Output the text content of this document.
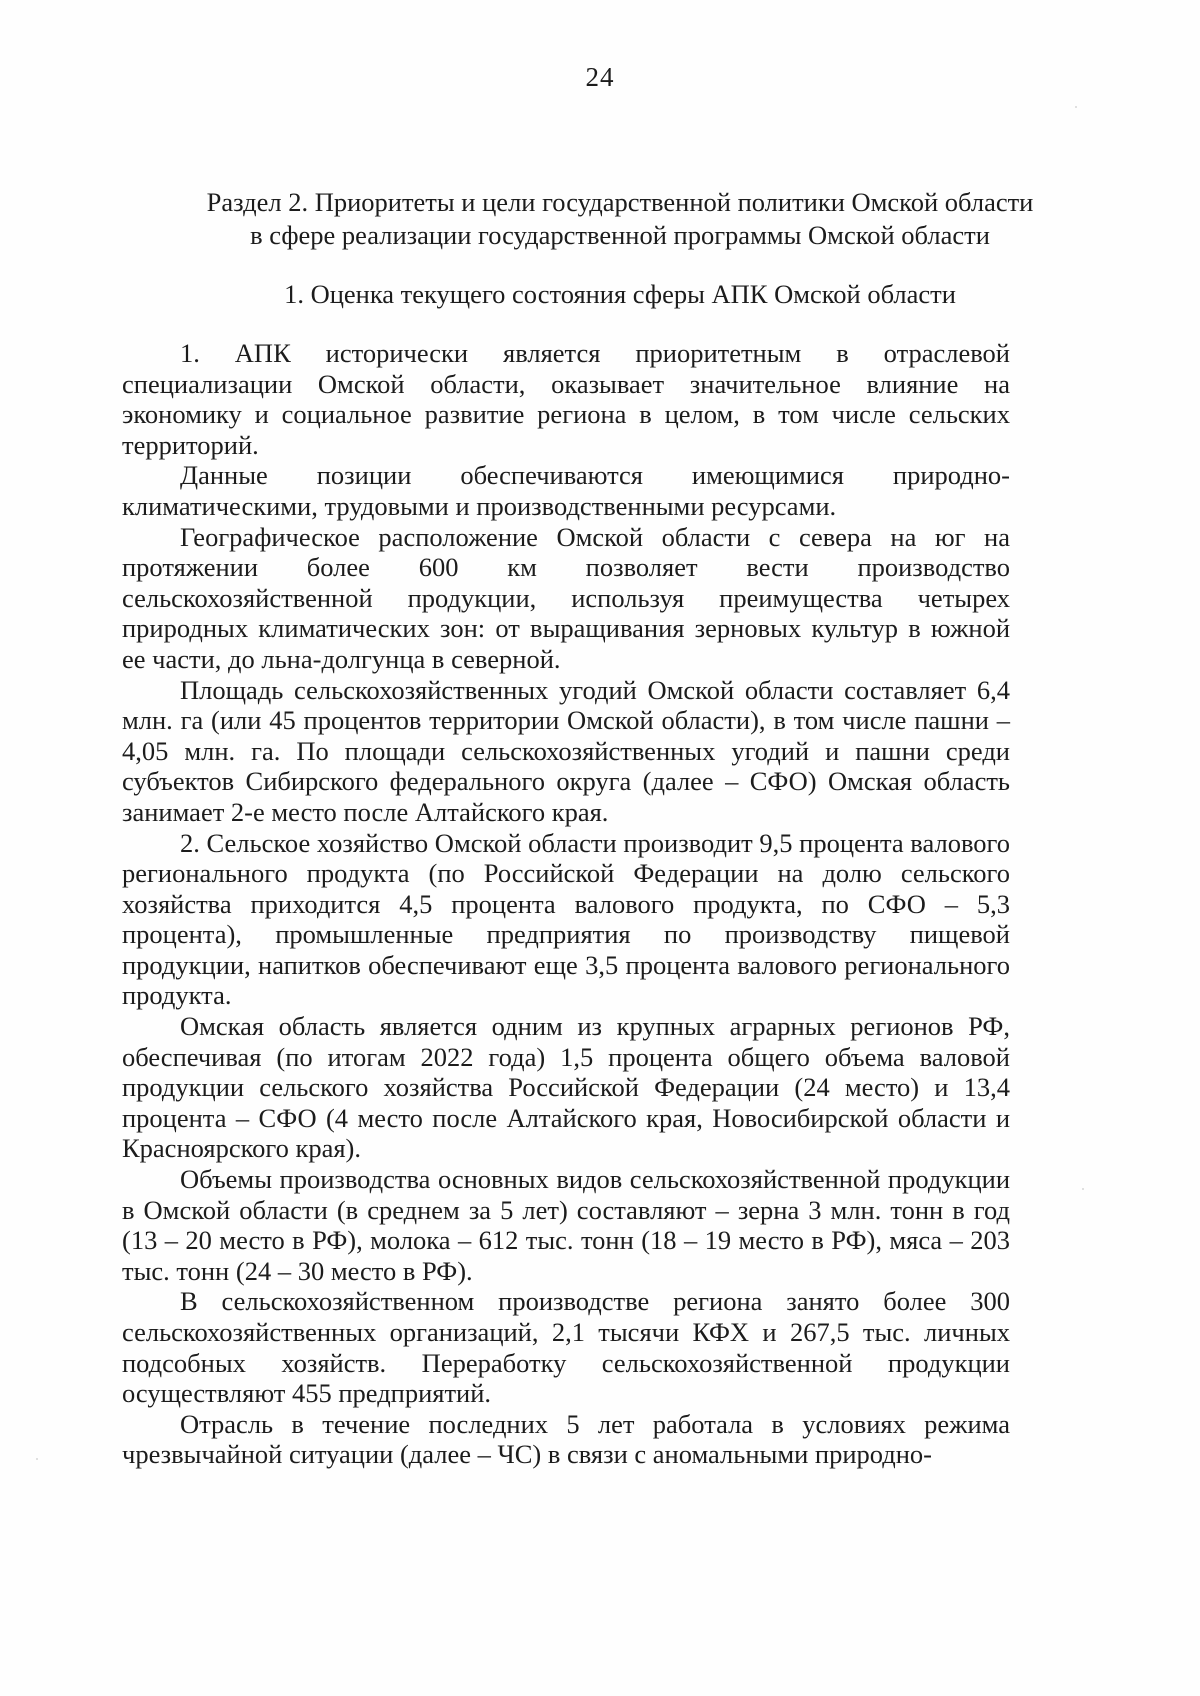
24
Раздел 2. Приоритеты и цели государственной политики Омской области
в сфере реализации государственной программы Омской области
1. Оценка текущего состояния сферы АПК Омской области

1. АПК исторически является приоритетным в отраслевой специализации Омской области, оказывает значительное влияние на экономику и социальное развитие региона в целом, в том числе сельских территорий.

Данные позиции обеспечиваются имеющимися природно-климатическими, трудовыми и производственными ресурсами.

Географическое расположение Омской области с севера на юг на протяжении более 600 км позволяет вести производство сельскохозяйственной продукции, используя преимущества четырех природных климатических зон: от выращивания зерновых культур в южной ее части, до льна-долгунца в северной.

Площадь сельскохозяйственных угодий Омской области составляет 6,4 млн. га (или 45 процентов территории Омской области), в том числе пашни – 4,05 млн. га. По площади сельскохозяйственных угодий и пашни среди субъектов Сибирского федерального округа (далее – СФО) Омская область занимает 2-е место после Алтайского края.

2. Сельское хозяйство Омской области производит 9,5 процента валового регионального продукта (по Российской Федерации на долю сельского хозяйства приходится 4,5 процента валового продукта, по СФО – 5,3 процента), промышленные предприятия по производству пищевой продукции, напитков обеспечивают еще 3,5 процента валового регионального продукта.

Омская область является одним из крупных аграрных регионов РФ, обеспечивая (по итогам 2022 года) 1,5 процента общего объема валовой продукции сельского хозяйства Российской Федерации (24 место) и 13,4 процента – СФО (4 место после Алтайского края, Новосибирской области и Красноярского края).

Объемы производства основных видов сельскохозяйственной продукции в Омской области (в среднем за 5 лет) составляют – зерна 3 млн. тонн в год (13 – 20 место в РФ), молока – 612 тыс. тонн (18 – 19 место в РФ), мяса – 203 тыс. тонн (24 – 30 место в РФ).

В сельскохозяйственном производстве региона занято более 300 сельскохозяйственных организаций, 2,1 тысячи КФХ и 267,5 тыс. личных подсобных хозяйств. Переработку сельскохозяйственной продукции осуществляют 455 предприятий.

Отрасль в течение последних 5 лет работала в условиях режима чрезвычайной ситуации (далее – ЧС) в связи с аномальными природно-
